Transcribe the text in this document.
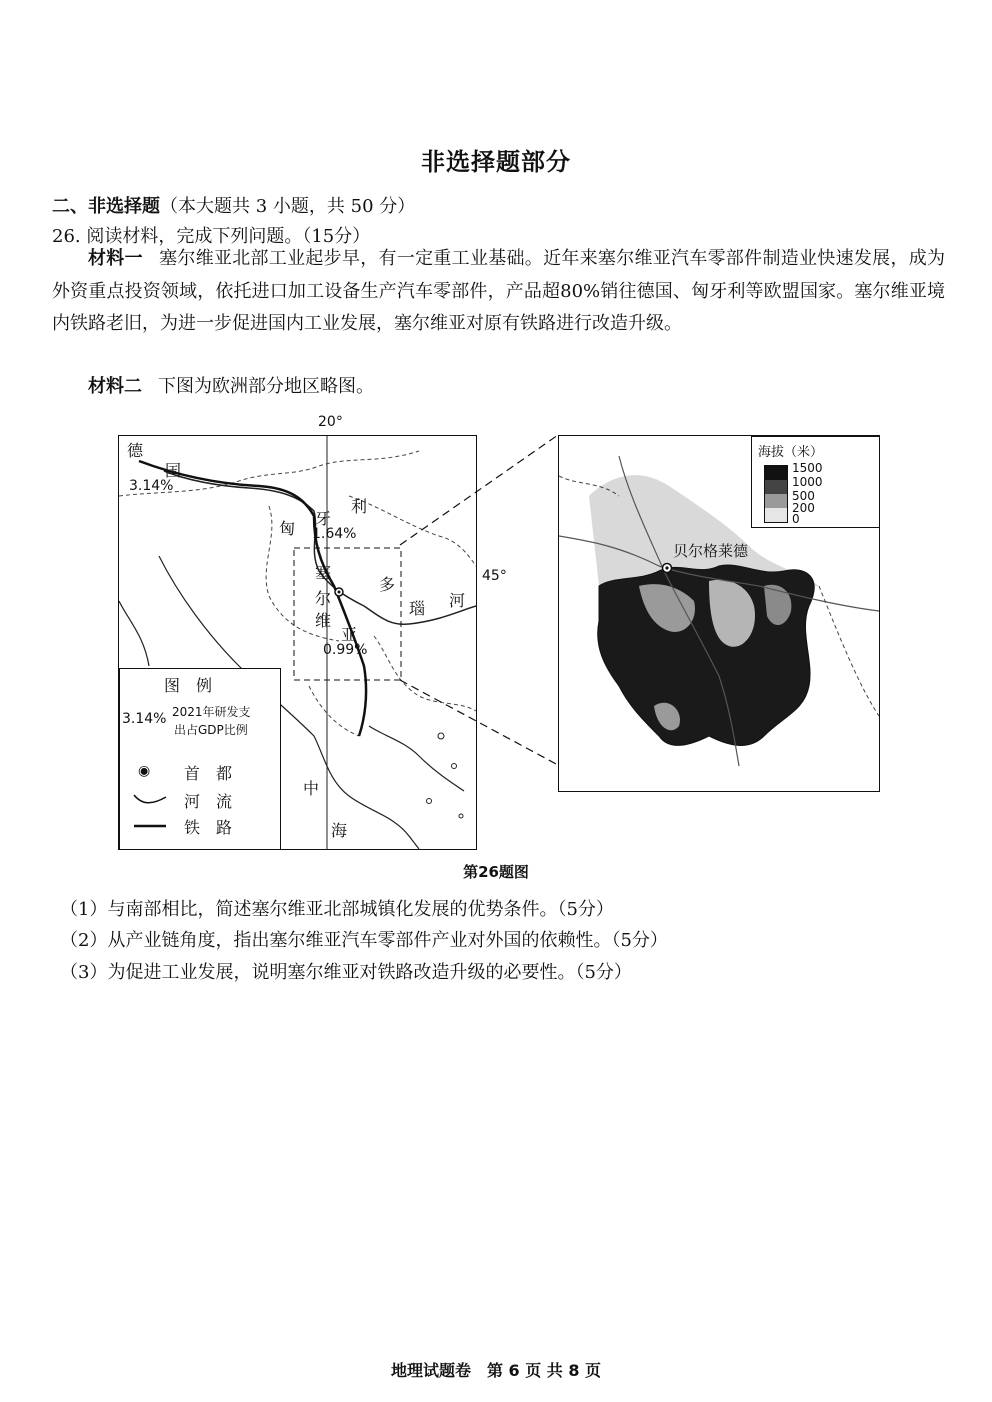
非选择题部分
二、非选择题（本大题共 3 小题，共 50 分）
26. 阅读材料，完成下列问题。（15分）
材料一 塞尔维亚北部工业起步早，有一定重工业基础。近年来塞尔维亚汽车零部件制造业快速发展，成为外资重点投资领域，依托进口加工设备生产汽车零部件，产品超80%销往德国、匈牙利等欧盟国家。塞尔维亚境内铁路老旧，为进一步促进国内工业发展，塞尔维亚对原有铁路进行改造升级。
材料二 下图为欧洲部分地区略图。
20°
德
国
3.14%
匈
牙
利
1.64%
塞
尔
维
亚
0.99%
多
瑙 河
中
海
图　例
3.14% 2021年研发支
出占GDP比例
◉ 首　都
河　流
铁　路
45°
贝尔格莱德
海拔（米）
1500
1000
500
200
0
第26题图
（1）与南部相比，简述塞尔维亚北部城镇化发展的优势条件。（5分）
（2）从产业链角度，指出塞尔维亚汽车零部件产业对外国的依赖性。（5分）
（3）为促进工业发展，说明塞尔维亚对铁路改造升级的必要性。（5分）
地理试题卷　第 6 页 共 8 页
